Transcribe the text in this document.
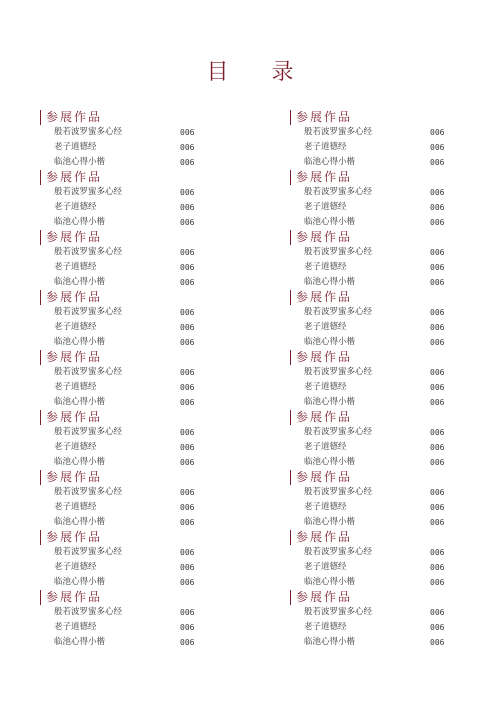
目 录
参展作品
般若波罗蜜多心经	006
老子道德经	006
临池心得小楷	006
参展作品
般若波罗蜜多心经	006
老子道德经	006
临池心得小楷	006
参展作品
般若波罗蜜多心经	006
老子道德经	006
临池心得小楷	006
参展作品
般若波罗蜜多心经	006
老子道德经	006
临池心得小楷	006
参展作品
般若波罗蜜多心经	006
老子道德经	006
临池心得小楷	006
参展作品
般若波罗蜜多心经	006
老子道德经	006
临池心得小楷	006
参展作品
般若波罗蜜多心经	006
老子道德经	006
临池心得小楷	006
参展作品
般若波罗蜜多心经	006
老子道德经	006
临池心得小楷	006
参展作品
般若波罗蜜多心经	006
老子道德经	006
临池心得小楷	006
参展作品
般若波罗蜜多心经	006
老子道德经	006
临池心得小楷	006
参展作品
般若波罗蜜多心经	006
老子道德经	006
临池心得小楷	006
参展作品
般若波罗蜜多心经	006
老子道德经	006
临池心得小楷	006
参展作品
般若波罗蜜多心经	006
老子道德经	006
临池心得小楷	006
参展作品
般若波罗蜜多心经	006
老子道德经	006
临池心得小楷	006
参展作品
般若波罗蜜多心经	006
老子道德经	006
临池心得小楷	006
参展作品
般若波罗蜜多心经	006
老子道德经	006
临池心得小楷	006
参展作品
般若波罗蜜多心经	006
老子道德经	006
临池心得小楷	006
参展作品
般若波罗蜜多心经	006
老子道德经	006
临池心得小楷	006
